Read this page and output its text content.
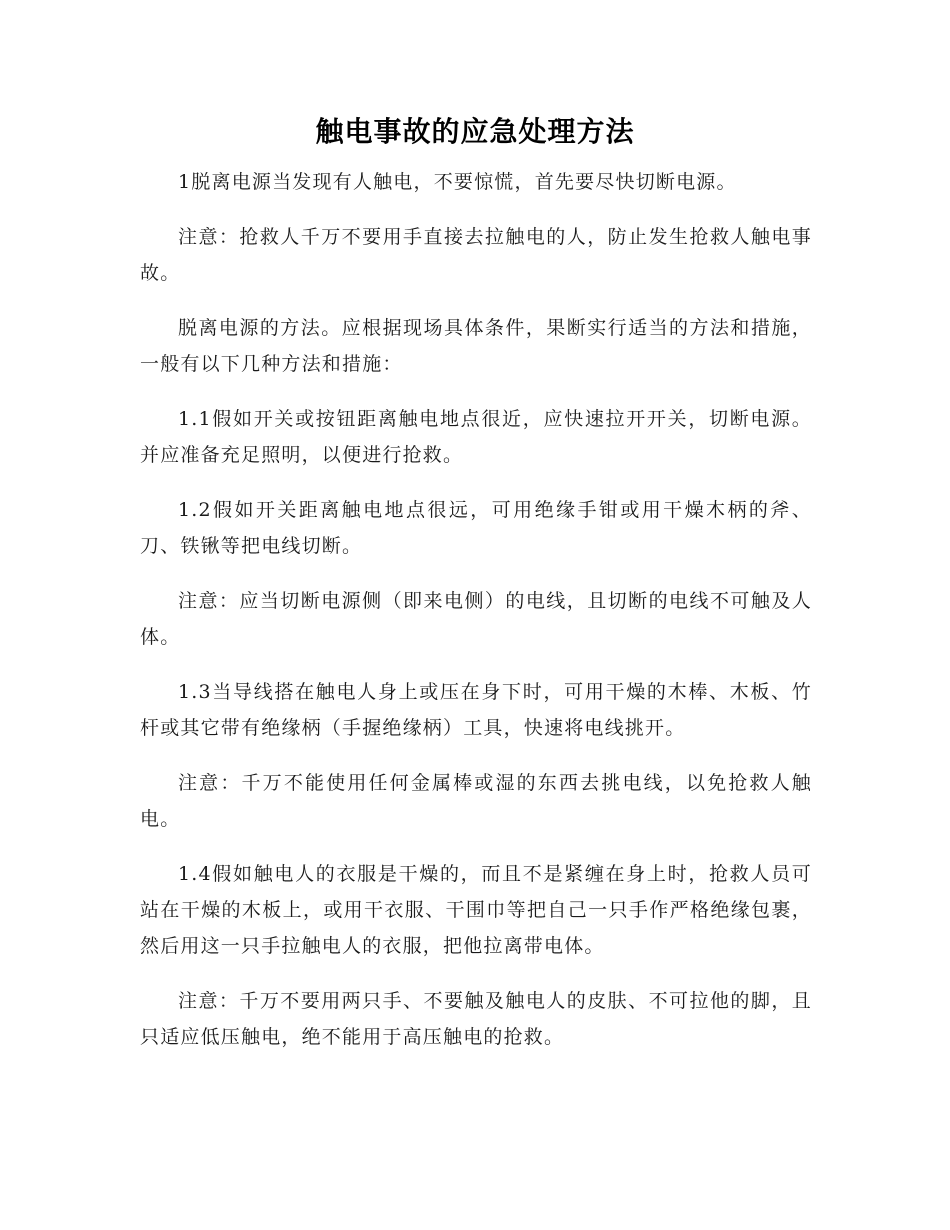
触电事故的应急处理方法

1脱离电源当发现有人触电，不要惊慌，首先要尽快切断电源。

注意：抢救人千万不要用手直接去拉触电的人，防止发生抢救人触电事故。

脱离电源的方法。应根据现场具体条件，果断实行适当的方法和措施，一般有以下几种方法和措施：

1.1假如开关或按钮距离触电地点很近，应快速拉开开关，切断电源。并应准备充足照明，以便进行抢救。

1.2假如开关距离触电地点很远，可用绝缘手钳或用干燥木柄的斧、刀、铁锹等把电线切断。

注意：应当切断电源侧（即来电侧）的电线，且切断的电线不可触及人体。

1.3当导线搭在触电人身上或压在身下时，可用干燥的木棒、木板、竹杆或其它带有绝缘柄（手握绝缘柄）工具，快速将电线挑开。

注意：千万不能使用任何金属棒或湿的东西去挑电线，以免抢救人触电。

1.4假如触电人的衣服是干燥的，而且不是紧缠在身上时，抢救人员可站在干燥的木板上，或用干衣服、干围巾等把自己一只手作严格绝缘包裹，然后用这一只手拉触电人的衣服，把他拉离带电体。

注意：千万不要用两只手、不要触及触电人的皮肤、不可拉他的脚，且只适应低压触电，绝不能用于高压触电的抢救。
